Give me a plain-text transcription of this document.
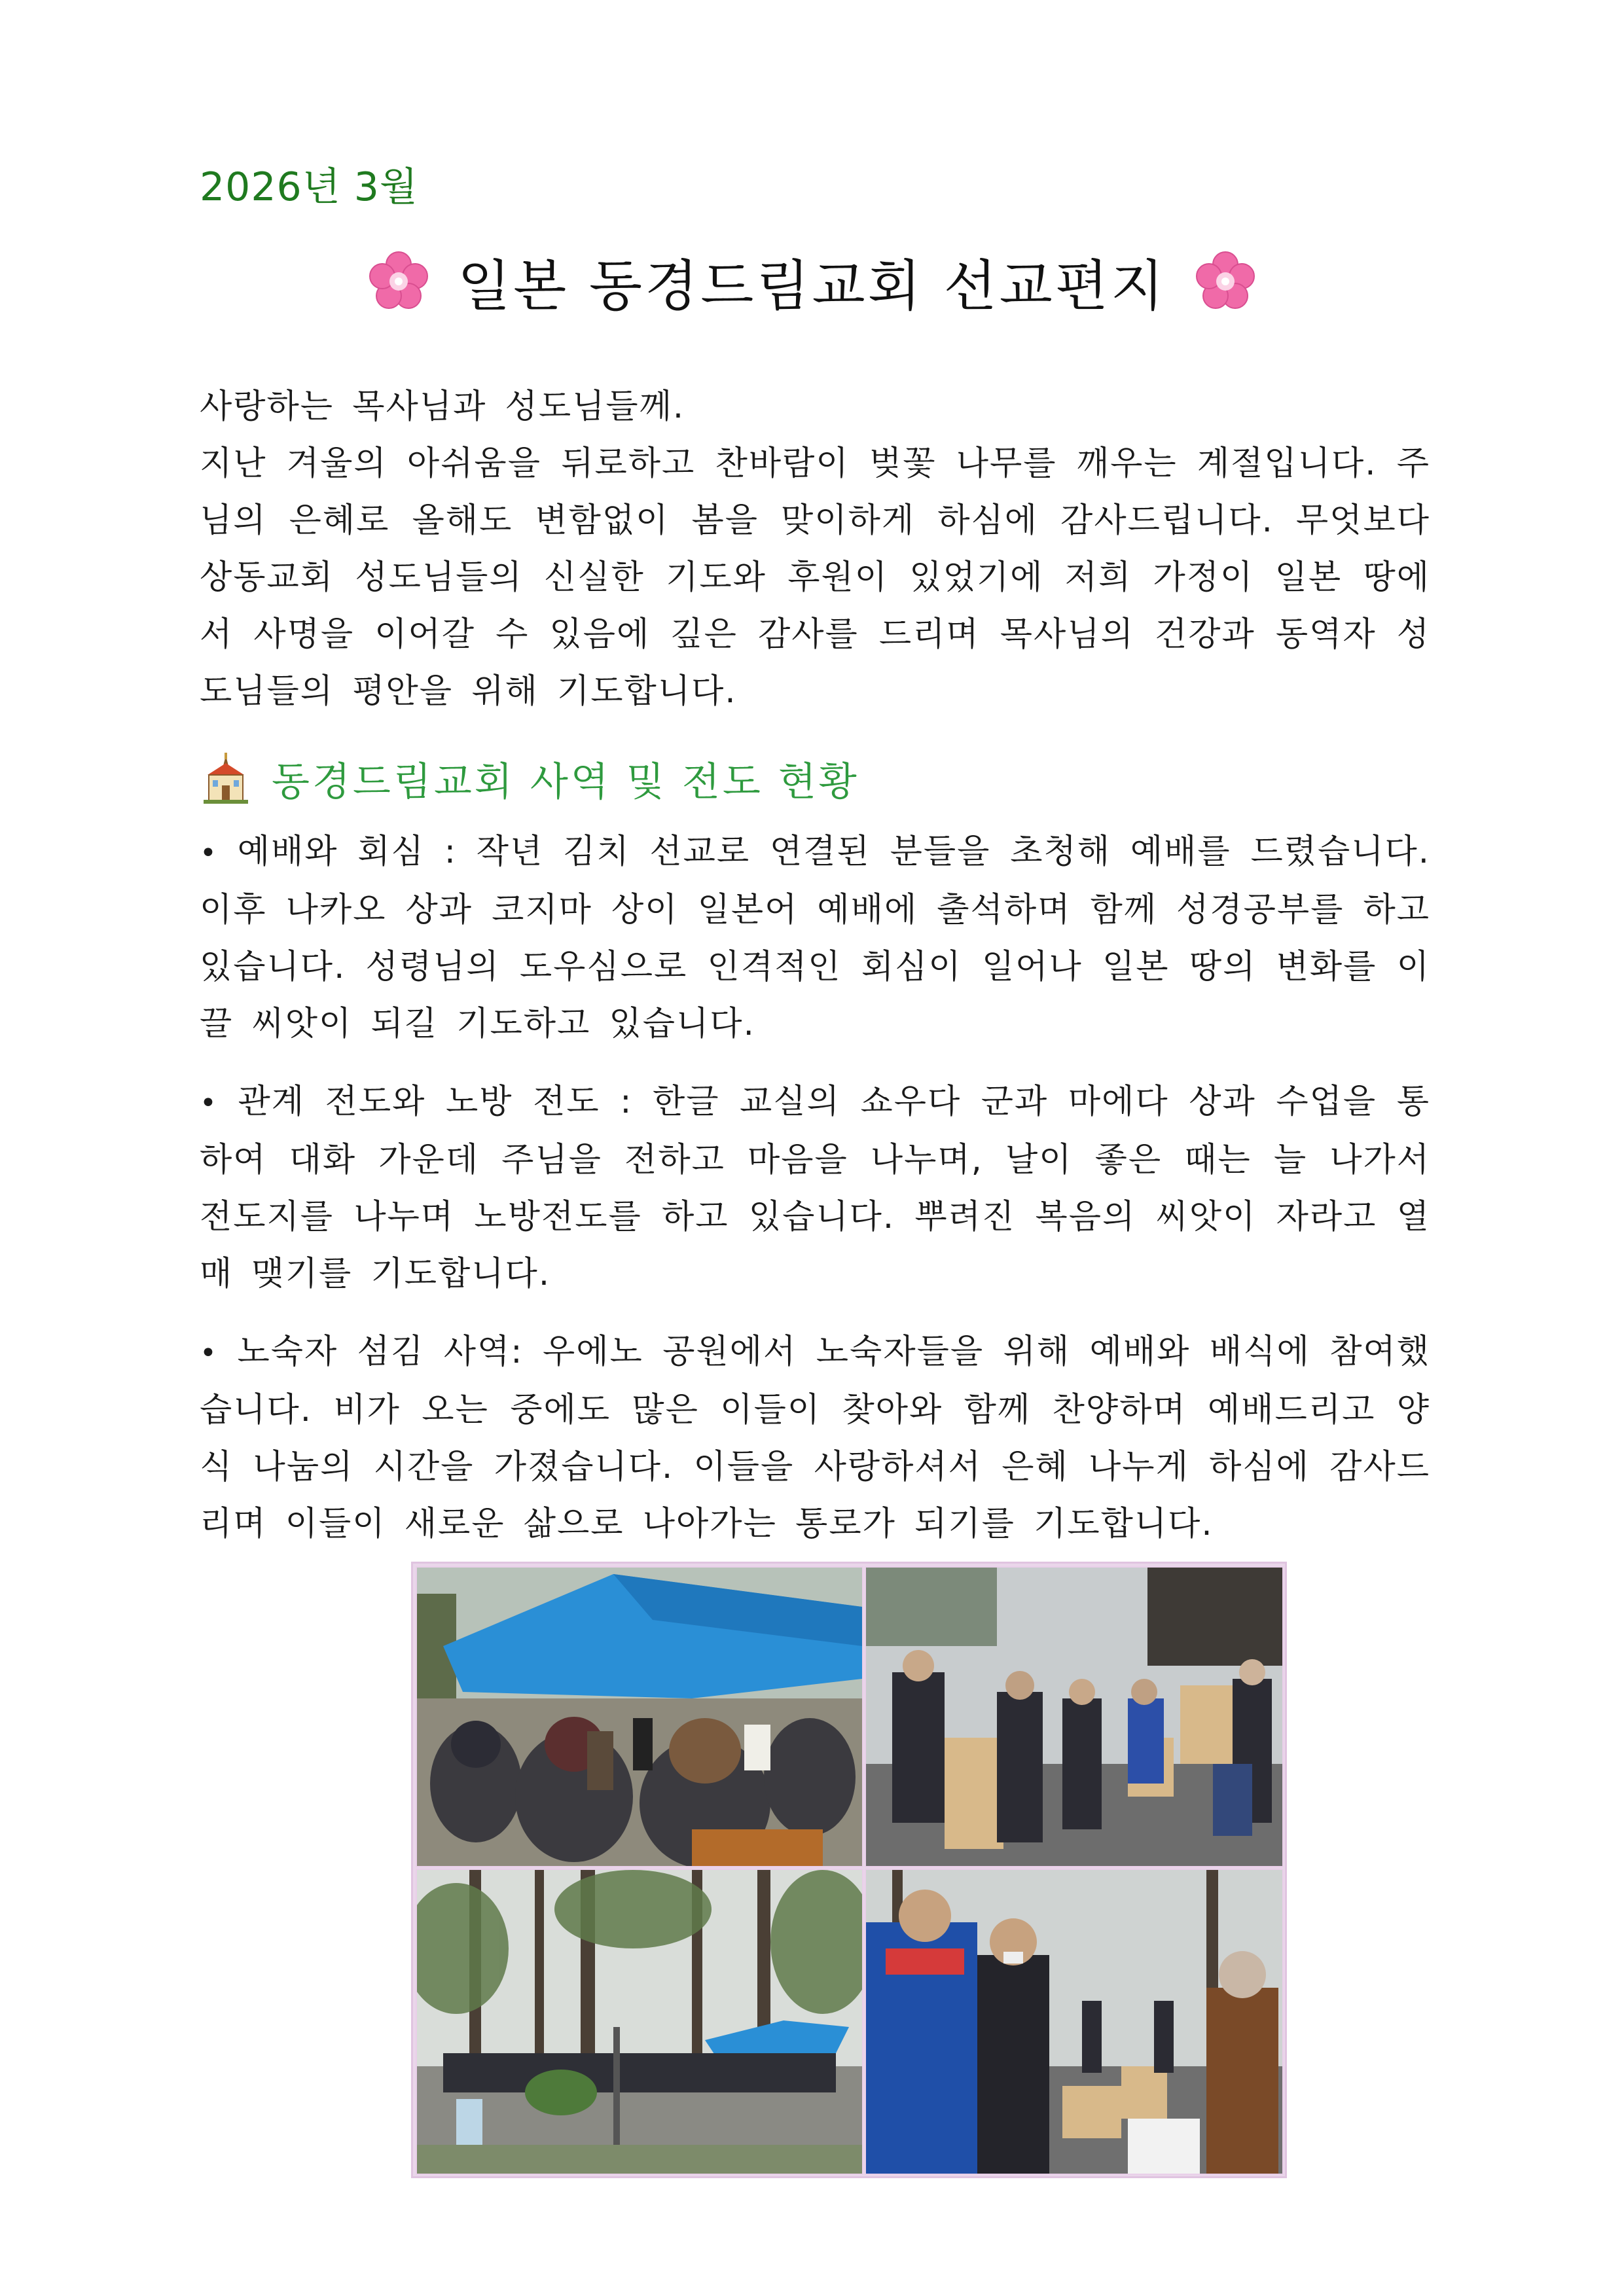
2026년 3월
일본 동경드림교회 선교편지
사랑하는 목사님과 성도님들께.
지난 겨울의 아쉬움을 뒤로하고 찬바람이 벚꽃 나무를 깨우는 계절입니다. 주님의 은혜로 올해도 변함없이 봄을 맞이하게 하심에 감사드립니다. 무엇보다 상동교회 성도님들의 신실한 기도와 후원이 있었기에 저희 가정이 일본 땅에서 사명을 이어갈 수 있음에 깊은 감사를 드리며 목사님의 건강과 동역자 성도님들의 평안을 위해 기도합니다.
동경드림교회 사역 및 전도 현황
• 예배와 회심 : 작년 김치 선교로 연결된 분들을 초청해 예배를 드렸습니다. 이후 나카오 상과 코지마 상이 일본어 예배에 출석하며 함께 성경공부를 하고 있습니다. 성령님의 도우심으로 인격적인 회심이 일어나 일본 땅의 변화를 이끌 씨앗이 되길 기도하고 있습니다.
• 관계 전도와 노방 전도 : 한글 교실의 쇼우다 군과 마에다 상과 수업을 통하여 대화 가운데 주님을 전하고 마음을 나누며, 날이 좋은 때는 늘 나가서 전도지를 나누며 노방전도를 하고 있습니다. 뿌려진 복음의 씨앗이 자라고 열매 맺기를 기도합니다.
• 노숙자 섬김 사역: 우에노 공원에서 노숙자들을 위해 예배와 배식에 참여했습니다. 비가 오는 중에도 많은 이들이 찾아와 함께 찬양하며 예배드리고 양식 나눔의 시간을 가졌습니다. 이들을 사랑하셔서 은혜 나누게 하심에 감사드리며 이들이 새로운 삶으로 나아가는 통로가 되기를 기도합니다.
